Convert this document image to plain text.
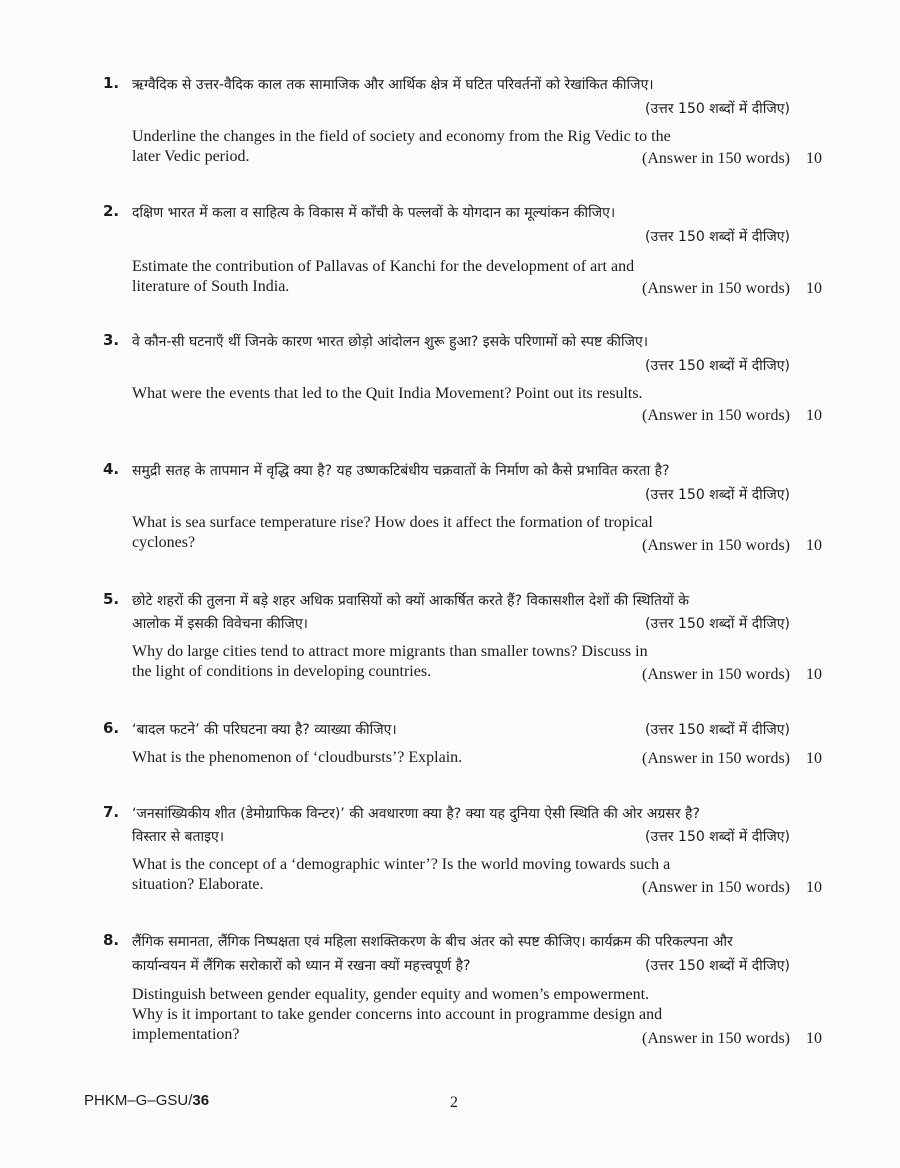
1. ऋग्वैदिक से उत्तर-वैदिक काल तक सामाजिक और आर्थिक क्षेत्र में घटित परिवर्तनों को रेखांकित कीजिए।
(उत्तर 150 शब्दों में दीजिए)
Underline the changes in the field of society and economy from the Rig Vedic to the
later Vedic period.	(Answer in 150 words) 10
2. दक्षिण भारत में कला व साहित्य के विकास में काँची के पल्लवों के योगदान का मूल्यांकन कीजिए।
(उत्तर 150 शब्दों में दीजिए)
Estimate the contribution of Pallavas of Kanchi for the development of art and
literature of South India.	(Answer in 150 words) 10
3. वे कौन-सी घटनाएँ थीं जिनके कारण भारत छोड़ो आंदोलन शुरू हुआ? इसके परिणामों को स्पष्ट कीजिए।
(उत्तर 150 शब्दों में दीजिए)
What were the events that led to the Quit India Movement? Point out its results.
(Answer in 150 words) 10
4. समुद्री सतह के तापमान में वृद्धि क्या है? यह उष्णकटिबंधीय चक्रवातों के निर्माण को कैसे प्रभावित करता है?
(उत्तर 150 शब्दों में दीजिए)
What is sea surface temperature rise? How does it affect the formation of tropical
cyclones?	(Answer in 150 words) 10
5. छोटे शहरों की तुलना में बड़े शहर अधिक प्रवासियों को क्यों आकर्षित करते हैं? विकासशील देशों की स्थितियों के
आलोक में इसकी विवेचना कीजिए।	(उत्तर 150 शब्दों में दीजिए)
Why do large cities tend to attract more migrants than smaller towns? Discuss in
the light of conditions in developing countries.	(Answer in 150 words) 10
6. ‘बादल फटने’ की परिघटना क्या है? व्याख्या कीजिए।	(उत्तर 150 शब्दों में दीजिए)
What is the phenomenon of ‘cloudbursts’? Explain.	(Answer in 150 words) 10
7. ‘जनसांख्यिकीय शीत (डेमोग्राफिक विन्टर)’ की अवधारणा क्या है? क्या यह दुनिया ऐसी स्थिति की ओर अग्रसर है?
विस्तार से बताइए।	(उत्तर 150 शब्दों में दीजिए)
What is the concept of a ‘demographic winter’? Is the world moving towards such a
situation? Elaborate.	(Answer in 150 words) 10
8. लैंगिक समानता, लैंगिक निष्पक्षता एवं महिला सशक्तिकरण के बीच अंतर को स्पष्ट कीजिए। कार्यक्रम की परिकल्पना और
कार्यान्वयन में लैंगिक सरोकारों को ध्यान में रखना क्यों महत्त्वपूर्ण है?	(उत्तर 150 शब्दों में दीजिए)
Distinguish between gender equality, gender equity and women’s empowerment.
Why is it important to take gender concerns into account in programme design and
implementation?	(Answer in 150 words) 10
PHKM–G–GSU/36	2
